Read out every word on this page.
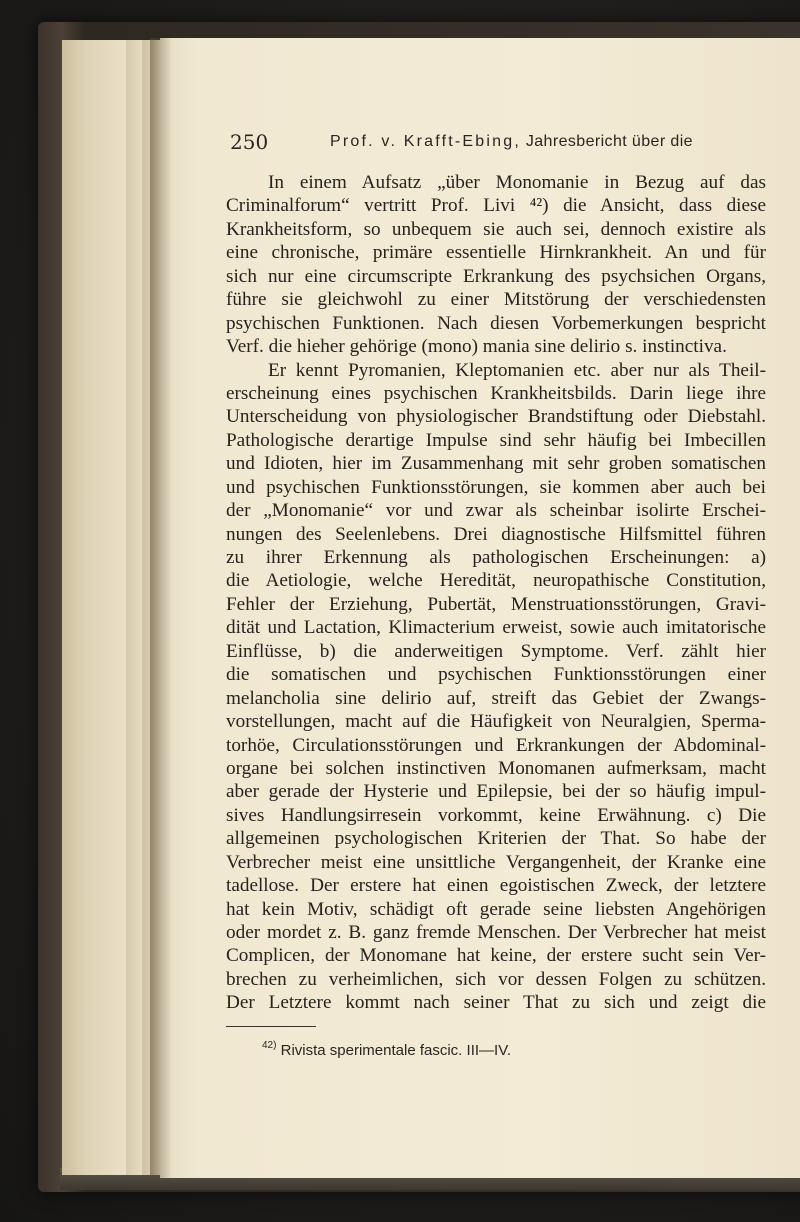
250	Prof. v. Krafft-Ebing, Jahresbericht über die
In einem Aufsatz „über Monomanie in Bezug auf das
Criminalforum“ vertritt Prof. Livi ⁴²) die Ansicht, dass diese
Krankheitsform, so unbequem sie auch sei, dennoch existire als
eine chronische, primäre essentielle Hirnkrankheit. An und für
sich nur eine circumscripte Erkrankung des psychsichen Organs,
führe sie gleichwohl zu einer Mitstörung der verschiedensten
psychischen Funktionen. Nach diesen Vorbemerkungen bespricht
Verf. die hieher gehörige (mono) mania sine delirio s. instinctiva.
Er kennt Pyromanien, Kleptomanien etc. aber nur als Theil-
erscheinung eines psychischen Krankheitsbilds. Darin liege ihre
Unterscheidung von physiologischer Brandstiftung oder Diebstahl.
Pathologische derartige Impulse sind sehr häufig bei Imbecillen
und Idioten, hier im Zusammenhang mit sehr groben somatischen
und psychischen Funktionsstörungen, sie kommen aber auch bei
der „Monomanie“ vor und zwar als scheinbar isolirte Erschei-
nungen des Seelenlebens. Drei diagnostische Hilfsmittel führen
zu ihrer Erkennung als pathologischen Erscheinungen: a)
die Aetiologie, welche Heredität, neuropathische Constitution,
Fehler der Erziehung, Pubertät, Menstruationsstörungen, Gravi-
dität und Lactation, Klimacterium erweist, sowie auch imitatorische
Einflüsse, b) die anderweitigen Symptome. Verf. zählt hier
die somatischen und psychischen Funktionsstörungen einer
melancholia sine delirio auf, streift das Gebiet der Zwangs-
vorstellungen, macht auf die Häufigkeit von Neuralgien, Sperma-
torhöe, Circulationsstörungen und Erkrankungen der Abdominal-
organe bei solchen instinctiven Monomanen aufmerksam, macht
aber gerade der Hysterie und Epilepsie, bei der so häufig impul-
sives Handlungsirresein vorkommt, keine Erwähnung. c) Die
allgemeinen psychologischen Kriterien der That. So habe der
Verbrecher meist eine unsittliche Vergangenheit, der Kranke eine
tadellose. Der erstere hat einen egoistischen Zweck, der letztere
hat kein Motiv, schädigt oft gerade seine liebsten Angehörigen
oder mordet z. B. ganz fremde Menschen. Der Verbrecher hat meist
Complicen, der Monomane hat keine, der erstere sucht sein Ver-
brechen zu verheimlichen, sich vor dessen Folgen zu schützen.
Der Letztere kommt nach seiner That zu sich und zeigt die
$^{42)}$ Rivista sperimentale fascic. III—IV.
